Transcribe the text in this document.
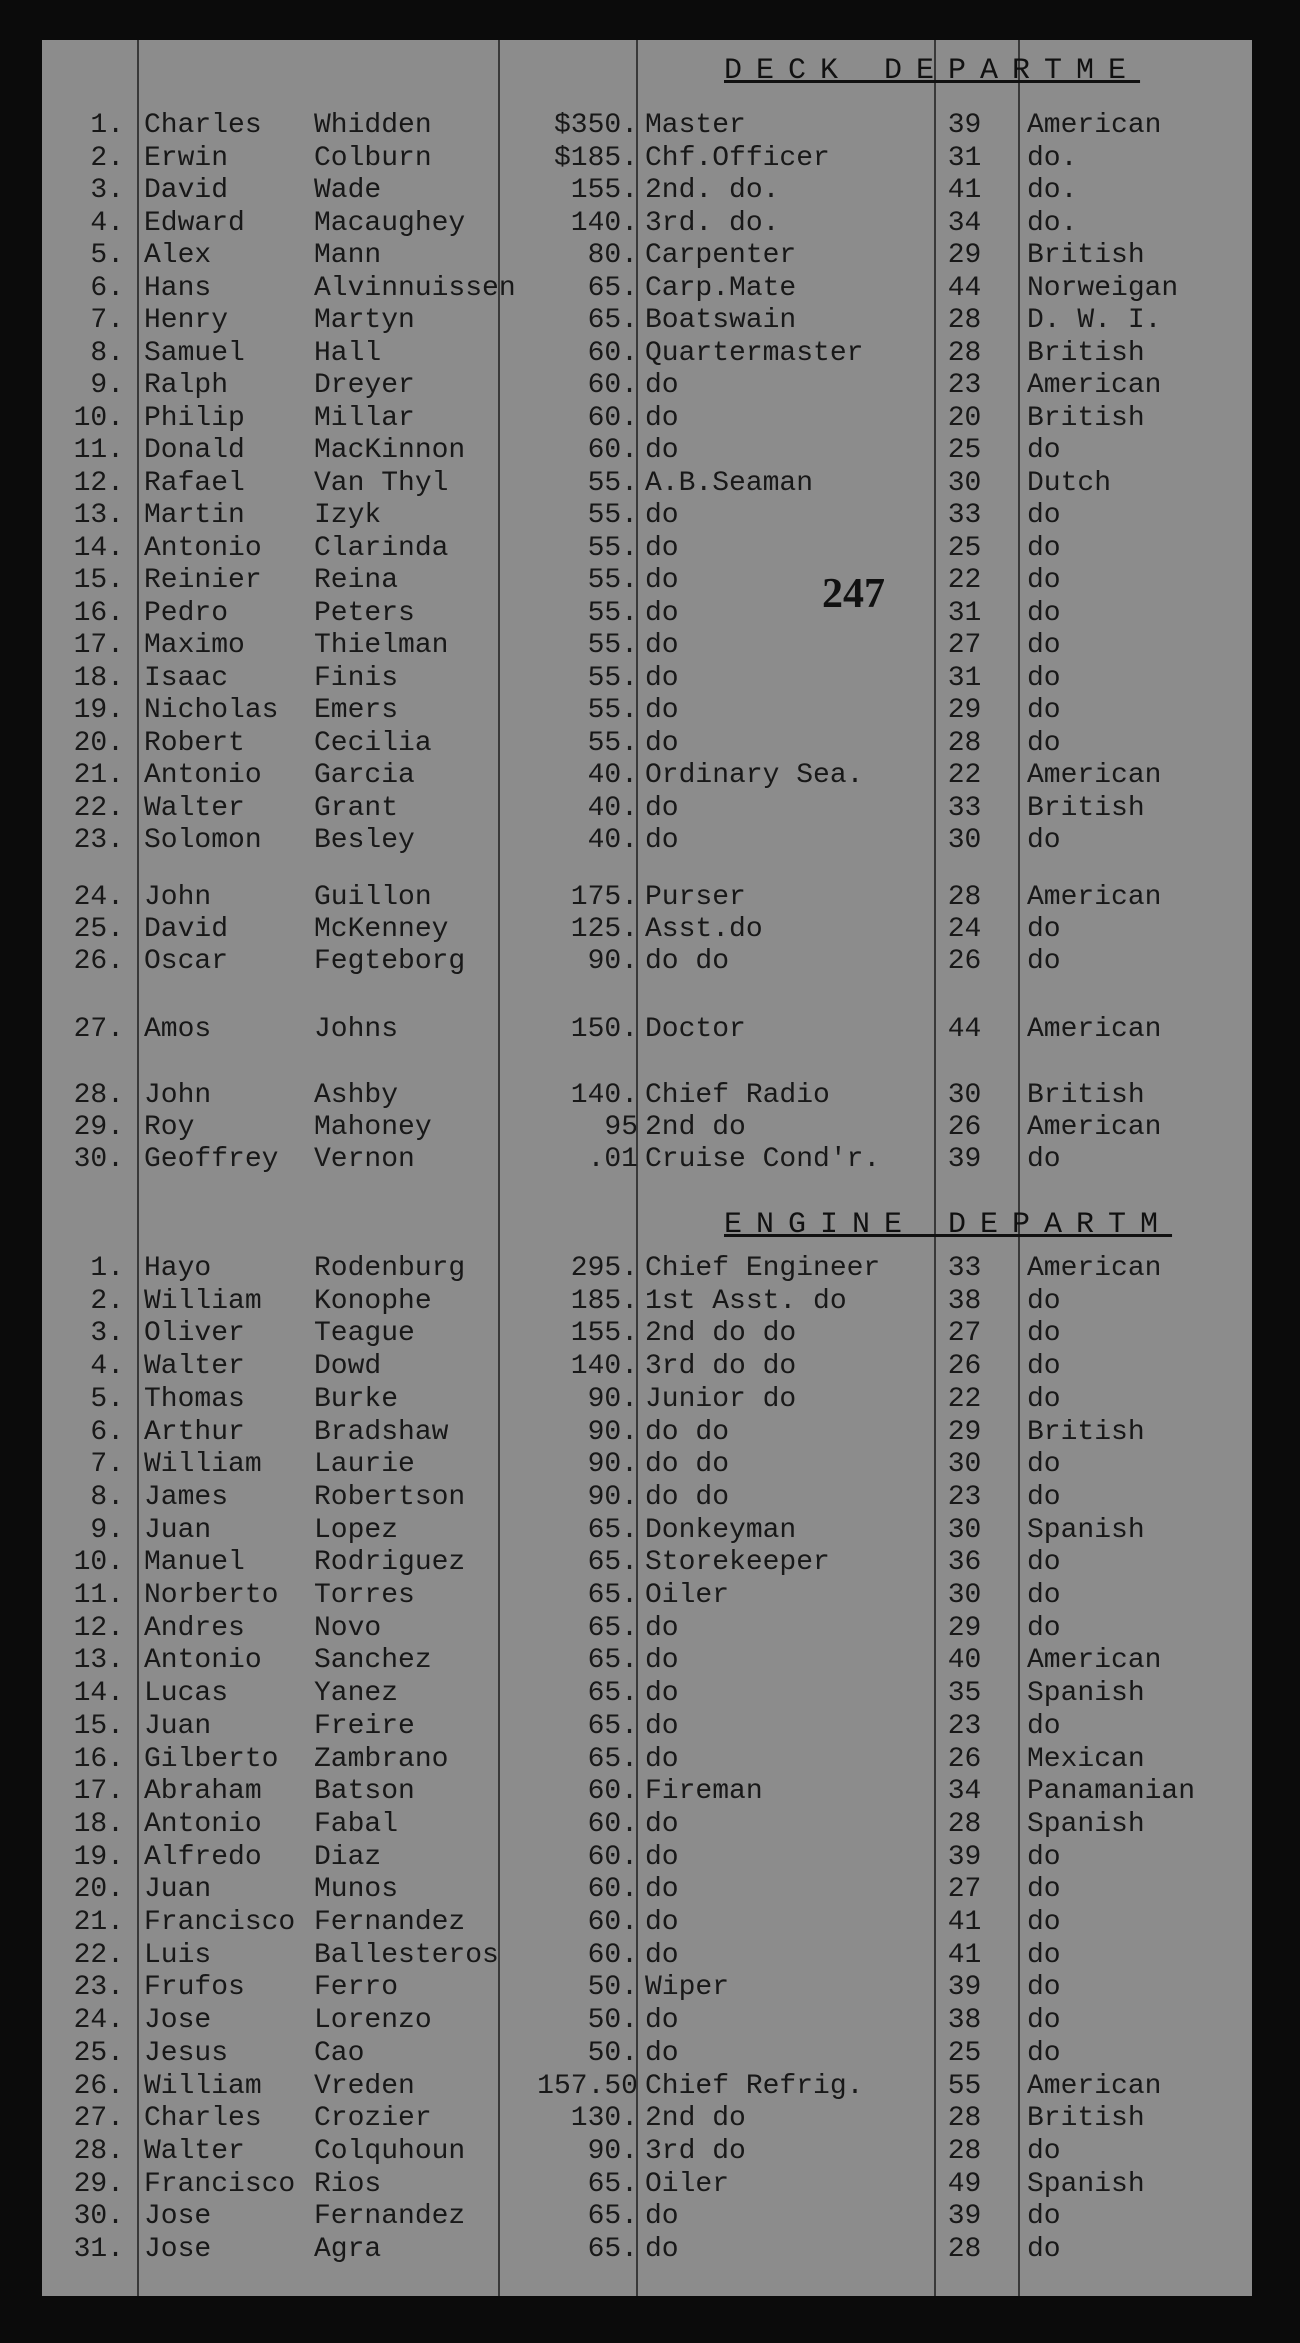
DECK DEPARTME
ENGINE DEPARTM
247
1. Charles Whidden	$350. Master	39	American
2. Erwin	Colburn	$185. Chf.Officer	31	do.
3. David	Wade	155. 2nd. do.	41	do.
4. Edward Macaughey	140. 3rd. do.	34	do.
5. Alex	Mann	80. Carpenter	29	British
6. Hans	Alvinnuissen	65. Carp.Mate	44	Norweigan
7. Henry	Martyn	65. Boatswain	28	D. W. I.
8. Samuel Hall	60. Quartermaster	28	British
9. Ralph	Dreyer	60. do	23	American
10. Philip Millar	60. do	20	British
11. Donald MacKinnon	60. do	25	do
12. Rafael Van Thyl	55. A.B.Seaman	30	Dutch
13. Martin Izyk	55. do	33	do
14. Antonio Clarinda	55. do	25	do
15. Reinier Reina	55. do	22	do
16. Pedro	Peters	55. do	31	do
17. Maximo Thielman	55. do	27	do
18. Isaac	Finis	55. do	31	do
19. Nicholas Emers	55. do	29	do
20. Robert Cecilia	55. do	28	do
21. Antonio Garcia	40. Ordinary Sea.	22	American
22. Walter Grant	40. do	33	British
23. Solomon Besley	40. do	30	do
24. John	Guillon	175. Purser	28	American
25. David	McKenney	125. Asst.do	24	do
26. Oscar	Fegteborg	90. do do	26	do
27. Amos	Johns	150. Doctor	44	American
28. John	Ashby	140. Chief Radio	30	British
29. Roy	Mahoney	95 2nd do	26	American
30. Geoffrey Vernon	.01 Cruise Cond'r.	39	do
1. Hayo	Rodenburg	295. Chief Engineer	33	American
2. William Konophe	185. 1st Asst. do	38	do
3. Oliver Teague	155. 2nd do do	27	do
4. Walter Dowd	140. 3rd do do	26	do
5. Thomas Burke	90. Junior do	22	do
6. Arthur Bradshaw	90. do do	29	British
7. William Laurie	90. do do	30	do
8. James	Robertson	90. do do	23	do
9. Juan	Lopez	65. Donkeyman	30	Spanish
10. Manuel Rodriguez	65. Storekeeper	36	do
11. Norberto Torres	65. Oiler	30	do
12. Andres Novo	65. do	29	do
13. Antonio Sanchez	65. do	40	American
14. Lucas	Yanez	65. do	35	Spanish
15. Juan	Freire	65. do	23	do
16. Gilberto Zambrano	65. do	26	Mexican
17. Abraham Batson	60. Fireman	34	Panamanian
18. Antonio Fabal	60. do	28	Spanish
19. Alfredo Diaz	60. do	39	do
20. Juan	Munos	60. do	27	do
21. Francisco Fernandez	60. do	41	do
22. Luis	Ballesteros	60. do	41	do
23. Frufos Ferro	50. Wiper	39	do
24. Jose	Lorenzo	50. do	38	do
25. Jesus	Cao	50. do	25	do
26. William Vreden	157.50 Chief Refrig.	55	American
27. Charles Crozier	130. 2nd do	28	British
28. Walter Colquhoun	90. 3rd do	28	do
29. Francisco Rios	65. Oiler	49	Spanish
30. Jose	Fernandez	65. do	39	do
31. Jose	Agra	65. do	28	do
